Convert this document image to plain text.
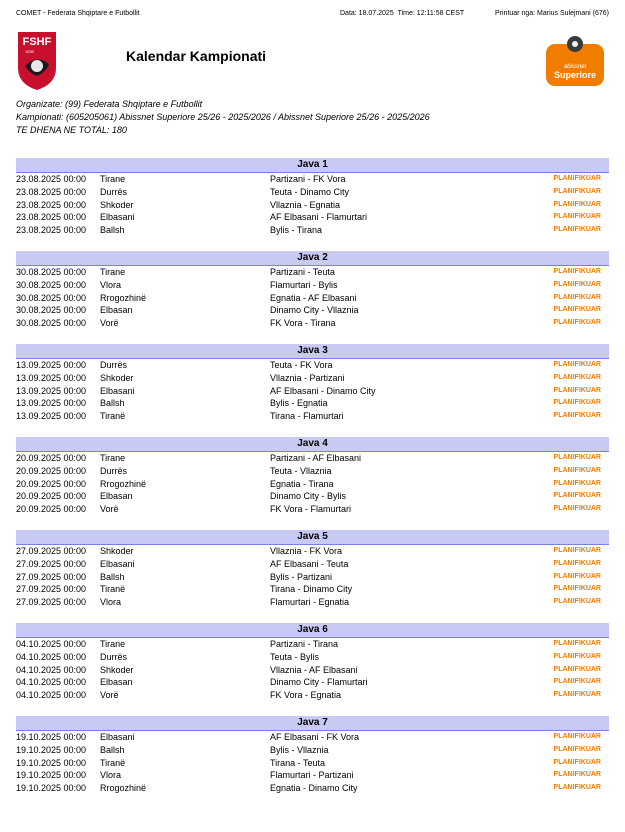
COMET - Federata Shqiptare e Futbollit	Data: 18.07.2025 Time: 12:11:58 CEST	Printuar nga: Marius Sulejmani (676)
FSHF
1930
abissnet
Superiore
Kalendar Kampionati
Organizate: (99) Federata Shqiptare e Futbollit
Kampionati: (605205061) Abissnet Superiore 25/26 - 2025/2026 / Abissnet Superiore 25/26 - 2025/2026
TE DHENA NE TOTAL: 180
Java 1
23.08.2025 00:00 Tirane	Partizani - FK Vora	PLANIFIKUAR
23.08.2025 00:00 Durrës	Teuta - Dinamo City	PLANIFIKUAR
23.08.2025 00:00 Shkoder	Vllaznia - Egnatia	PLANIFIKUAR
23.08.2025 00:00 Elbasani	AF Elbasani - Flamurtari	PLANIFIKUAR
23.08.2025 00:00 Ballsh	Bylis - Tirana	PLANIFIKUAR
Java 2
30.08.2025 00:00 Tirane	Partizani - Teuta	PLANIFIKUAR
30.08.2025 00:00 Vlora	Flamurtari - Bylis	PLANIFIKUAR
30.08.2025 00:00 Rrogozhinë	Egnatia - AF Elbasani	PLANIFIKUAR
30.08.2025 00:00 Elbasan	Dinamo City - Vllaznia	PLANIFIKUAR
30.08.2025 00:00 Vorë	FK Vora - Tirana	PLANIFIKUAR
Java 3
13.09.2025 00:00 Durrës	Teuta - FK Vora	PLANIFIKUAR
13.09.2025 00:00 Shkoder	Vllaznia - Partizani	PLANIFIKUAR
13.09.2025 00:00 Elbasani	AF Elbasani - Dinamo City	PLANIFIKUAR
13.09.2025 00:00 Ballsh	Bylis - Egnatia	PLANIFIKUAR
13.09.2025 00:00 Tiranë	Tirana - Flamurtari	PLANIFIKUAR
Java 4
20.09.2025 00:00 Tirane	Partizani - AF Elbasani	PLANIFIKUAR
20.09.2025 00:00 Durrës	Teuta - Vllaznia	PLANIFIKUAR
20.09.2025 00:00 Rrogozhinë	Egnatia - Tirana	PLANIFIKUAR
20.09.2025 00:00 Elbasan	Dinamo City - Bylis	PLANIFIKUAR
20.09.2025 00:00 Vorë	FK Vora - Flamurtari	PLANIFIKUAR
Java 5
27.09.2025 00:00 Shkoder	Vllaznia - FK Vora	PLANIFIKUAR
27.09.2025 00:00 Elbasani	AF Elbasani - Teuta	PLANIFIKUAR
27.09.2025 00:00 Ballsh	Bylis - Partizani	PLANIFIKUAR
27.09.2025 00:00 Tiranë	Tirana - Dinamo City	PLANIFIKUAR
27.09.2025 00:00 Vlora	Flamurtari - Egnatia	PLANIFIKUAR
Java 6
04.10.2025 00:00 Tirane	Partizani - Tirana	PLANIFIKUAR
04.10.2025 00:00 Durrës	Teuta - Bylis	PLANIFIKUAR
04.10.2025 00:00 Shkoder	Vllaznia - AF Elbasani	PLANIFIKUAR
04.10.2025 00:00 Elbasan	Dinamo City - Flamurtari	PLANIFIKUAR
04.10.2025 00:00 Vorë	FK Vora - Egnatia	PLANIFIKUAR
Java 7
19.10.2025 00:00 Elbasani	AF Elbasani - FK Vora	PLANIFIKUAR
19.10.2025 00:00 Ballsh	Bylis - Vllaznia	PLANIFIKUAR
19.10.2025 00:00 Tiranë	Tirana - Teuta	PLANIFIKUAR
19.10.2025 00:00 Vlora	Flamurtari - Partizani	PLANIFIKUAR
19.10.2025 00:00 Rrogozhinë	Egnatia - Dinamo City	PLANIFIKUAR
